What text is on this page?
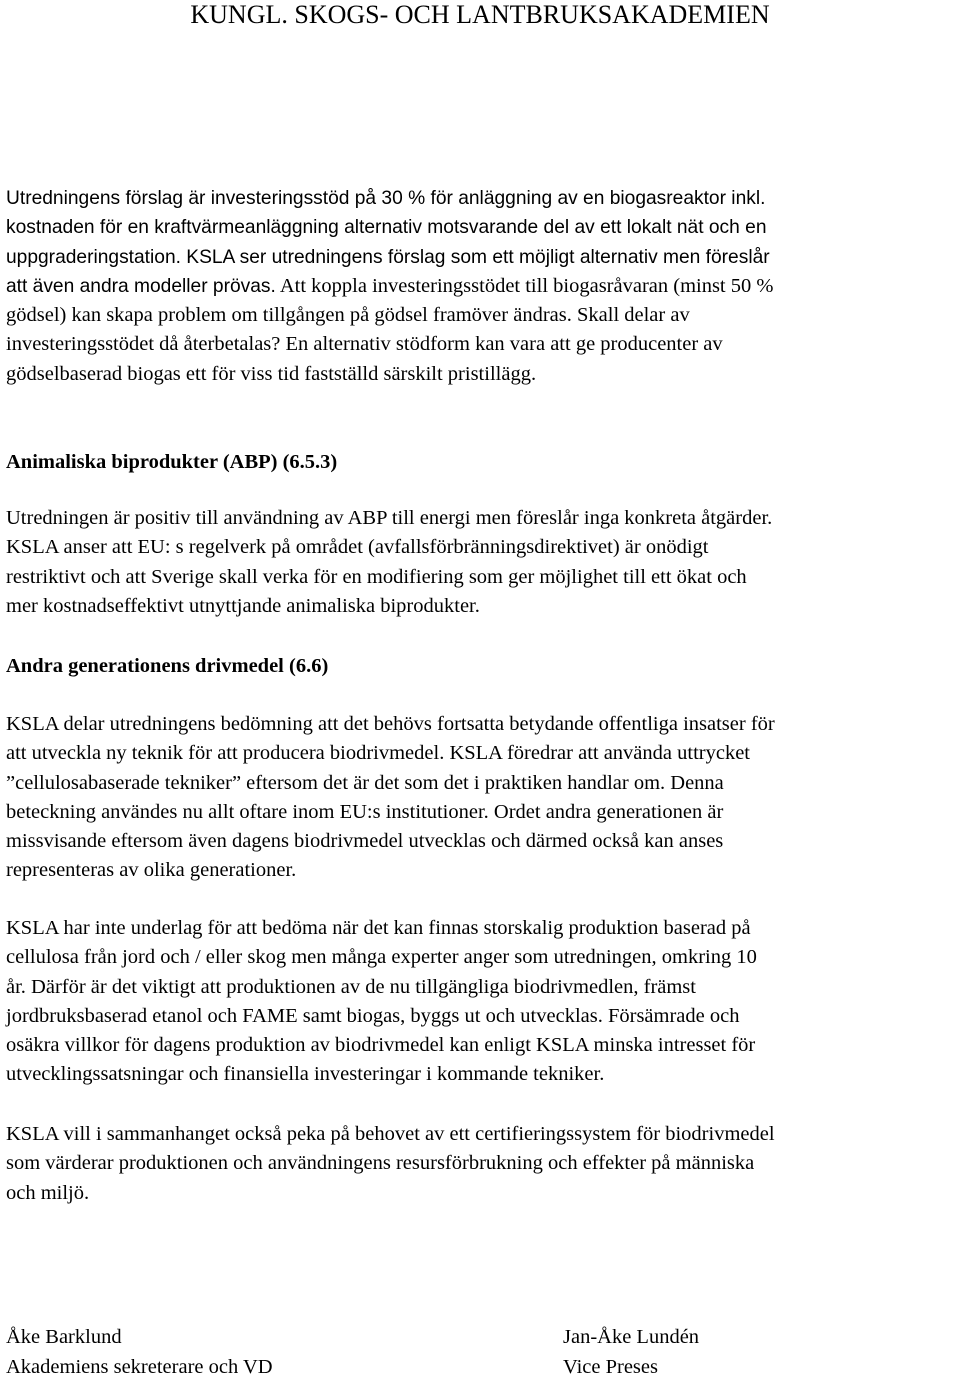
KUNGL. SKOGS- OCH LANTBRUKSAKADEMIEN

Utredningens förslag är investeringsstöd på 30 % för anläggning av en biogasreaktor inkl.
kostnaden för en kraftvärmeanläggning alternativ motsvarande del av ett lokalt nät och en
uppgraderingstation. KSLA ser utredningens förslag som ett möjligt alternativ men föreslår
att även andra modeller prövas. Att koppla investeringsstödet till biogasråvaran (minst 50 %
gödsel) kan skapa problem om tillgången på gödsel framöver ändras. Skall delar av
investeringsstödet då återbetalas? En alternativ stödform kan vara att ge producenter av
gödselbaserad biogas ett för viss tid fastställd särskilt pristillägg.

Animaliska biprodukter (ABP) (6.5.3)

Utredningen är positiv till användning av ABP till energi men föreslår inga konkreta åtgärder.
KSLA anser att EU: s regelverk på området (avfallsförbränningsdirektivet) är onödigt
restriktivt och att Sverige skall verka för en modifiering som ger möjlighet till ett ökat och
mer kostnadseffektivt utnyttjande animaliska biprodukter.

Andra generationens drivmedel (6.6)

KSLA delar utredningens bedömning att det behövs fortsatta betydande offentliga insatser för
att utveckla ny teknik för att producera biodrivmedel. KSLA föredrar att använda uttrycket
”cellulosabaserade tekniker” eftersom det är det som det i praktiken handlar om. Denna
beteckning användes nu allt oftare inom EU:s institutioner. Ordet andra generationen är
missvisande eftersom även dagens biodrivmedel utvecklas och därmed också kan anses
representeras av olika generationer.

KSLA har inte underlag för att bedöma när det kan finnas storskalig produktion baserad på
cellulosa från jord och / eller skog men många experter anger som utredningen, omkring 10
år. Därför är det viktigt att produktionen av de nu tillgängliga biodrivmedlen, främst
jordbruksbaserad etanol och FAME samt biogas, byggs ut och utvecklas. Försämrade och
osäkra villkor för dagens produktion av biodrivmedel kan enligt KSLA minska intresset för
utvecklingssatsningar och finansiella investeringar i kommande tekniker.

KSLA vill i sammanhanget också peka på behovet av ett certifieringssystem för biodrivmedel
som värderar produktionen och användningens resursförbrukning och effekter på människa
och miljö.

Åke Barklund
Akademiens sekreterare och VD
Jan-Åke Lundén
Vice Preses
